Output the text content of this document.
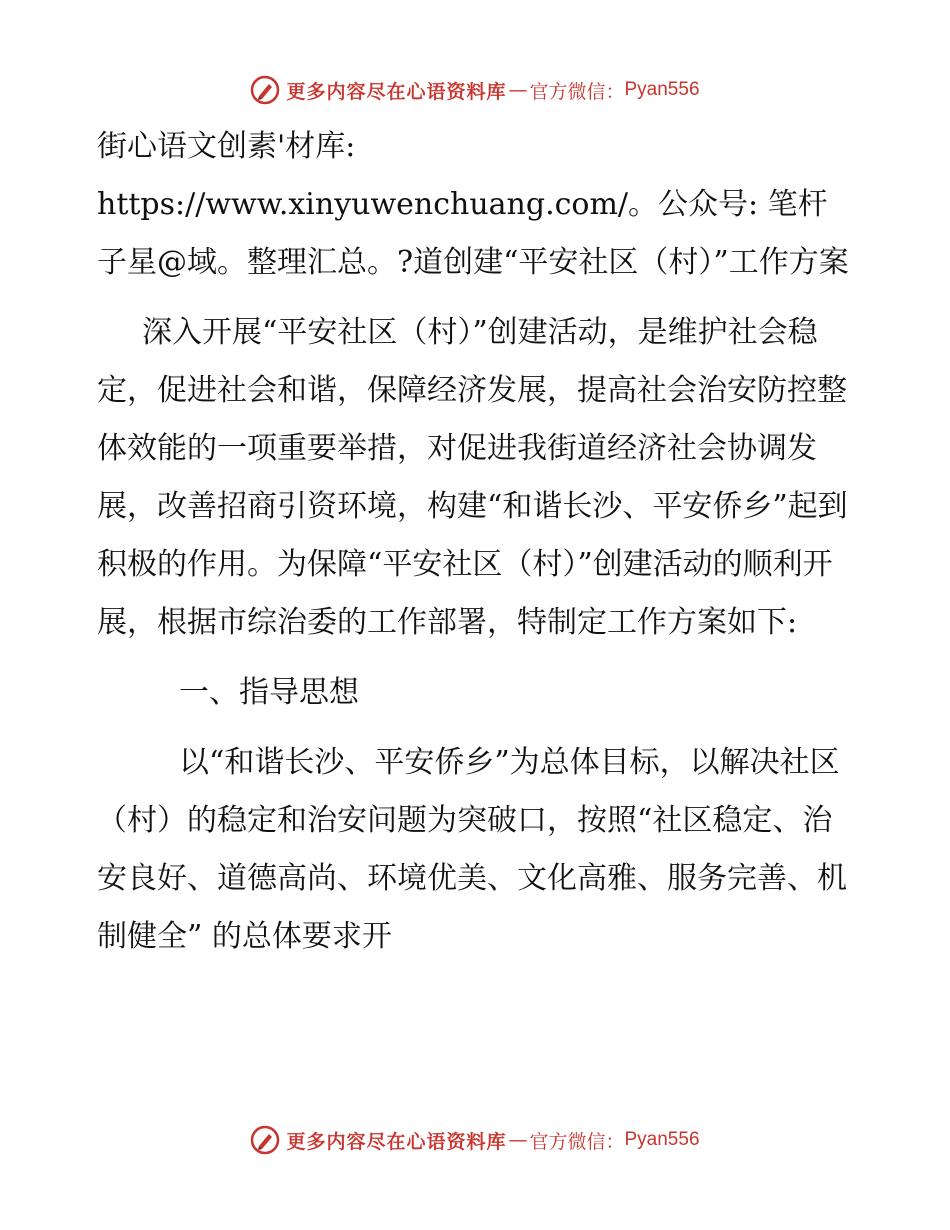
更多内容尽在心语资料库 — 官方微信： Pyan556

街心语文创素'材库: https://www.xinyuwenchuang.com/。公众号: 笔杆子星@域。整理汇总。?道创建“平安社区（村）”工作方案

深入开展“平安社区（村）”创建活动，是维护社会稳定，促进社会和谐，保障经济发展，提高社会治安防控整体效能的一项重要举措，对促进我街道经济社会协调发展，改善招商引资环境，构建“和谐长沙、平安侨乡”起到积极的作用。为保障“平安社区（村）”创建活动的顺利开展，根据市综治委的工作部署，特制定工作方案如下:

一、指导思想

以“和谐长沙、平安侨乡”为总体目标，以解决社区（村）的稳定和治安问题为突破口，按照“社区稳定、治安良好、道德高尚、环境优美、文化高雅、服务完善、机制健全” 的总体要求开

更多内容尽在心语资料库 — 官方微信： Pyan556
